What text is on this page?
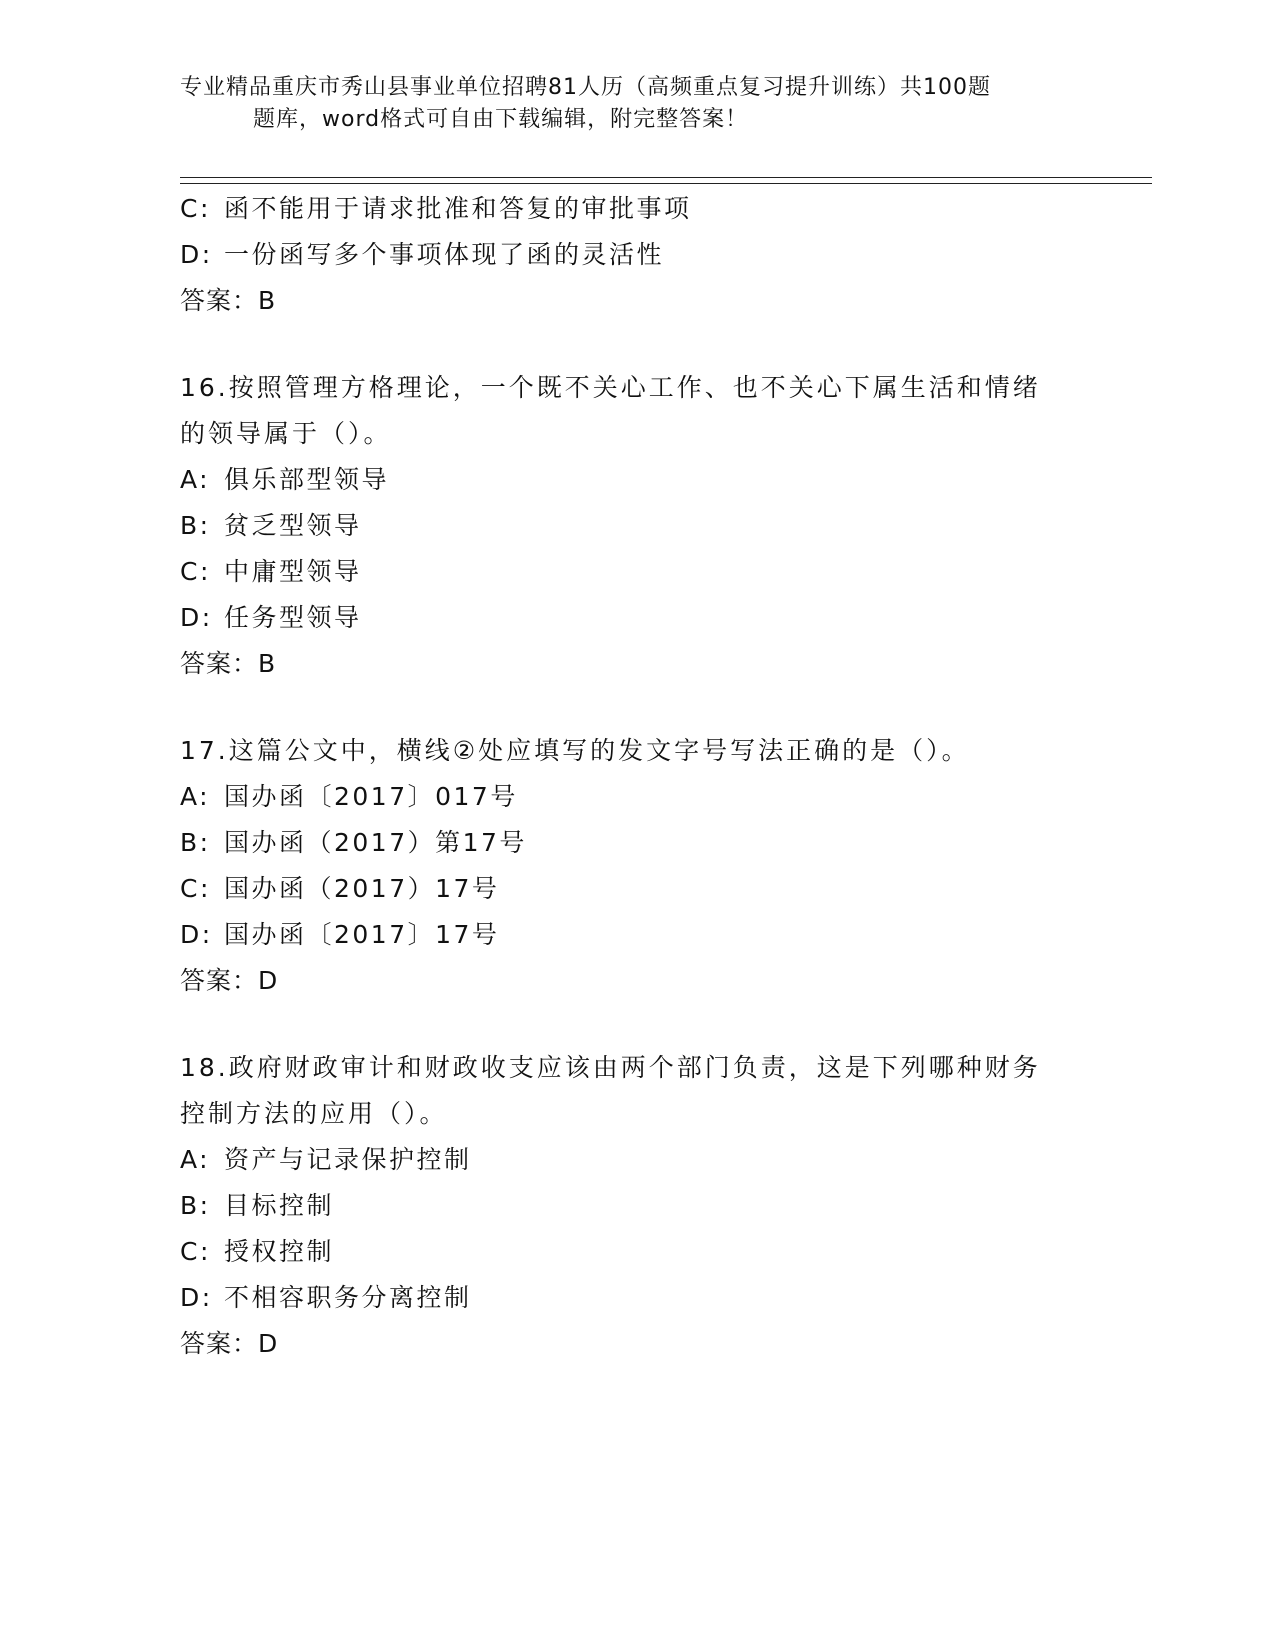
专业精品重庆市秀山县事业单位招聘81人历（高频重点复习提升训练）共100题
题库，word格式可自由下载编辑，附完整答案！
C: 函不能用于请求批准和答复的审批事项
D: 一份函写多个事项体现了函的灵活性
答案：B
16.按照管理方格理论，一个既不关心工作、也不关心下属生活和情绪
的领导属于（）。
A: 俱乐部型领导
B: 贫乏型领导
C: 中庸型领导
D: 任务型领导
答案：B
17.这篇公文中，横线②处应填写的发文字号写法正确的是（）。
A: 国办函〔2017〕017号
B: 国办函（2017）第17号
C: 国办函（2017）17号
D: 国办函〔2017〕17号
答案：D
18.政府财政审计和财政收支应该由两个部门负责，这是下列哪种财务
控制方法的应用（）。
A: 资产与记录保护控制
B: 目标控制
C: 授权控制
D: 不相容职务分离控制
答案：D
